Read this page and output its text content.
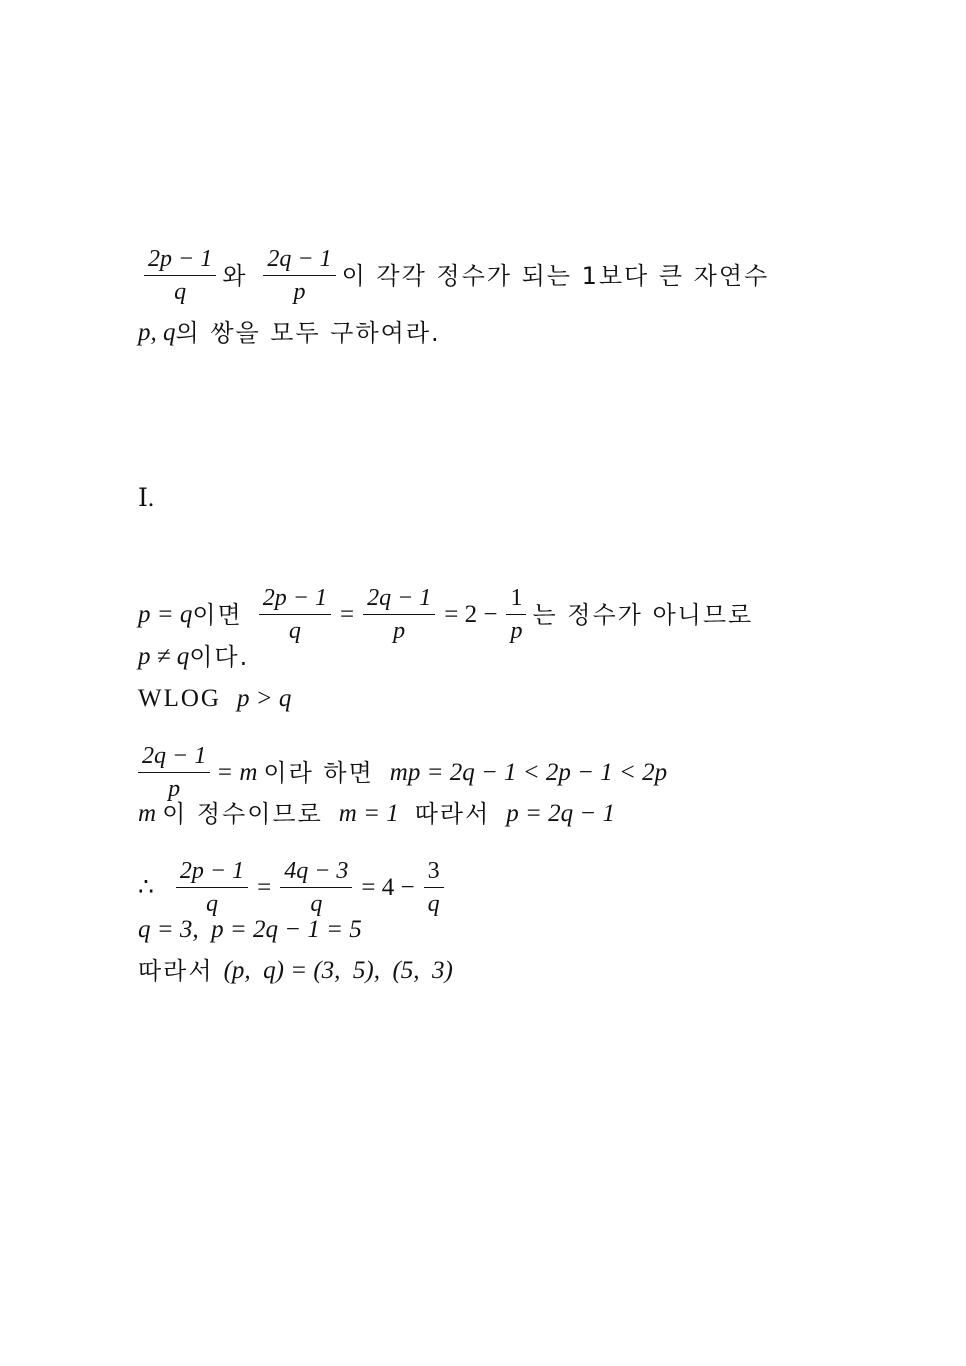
$\frac{2p - 1}{q}$ 와 $\frac{2q - 1}{p}$ 이 각각 정수가 되는 1보다 큰 자연수
p, q 의 쌍을 모두 구하여라.
Ⅰ.
p = q 이면 $\frac{2p - 1}{q} = \frac{2q - 1}{p} = 2 - \frac{1}{p}$ 는 정수가 아니므로
p ≠ q 이다.
WLOG p > q
$\frac{2q - 1}{p} = m$ 이라 하면 mp = 2q − 1 < 2p − 1 < 2p
m 이 정수이므로 m = 1 따라서 p = 2q − 1
∴ $\frac{2p - 1}{q} = \frac{4q - 3}{q} = 4 - \frac{3}{q}$
q = 3,  p = 2q − 1 = 5
따라서 (p,  q) = (3,  5),  (5,  3)
